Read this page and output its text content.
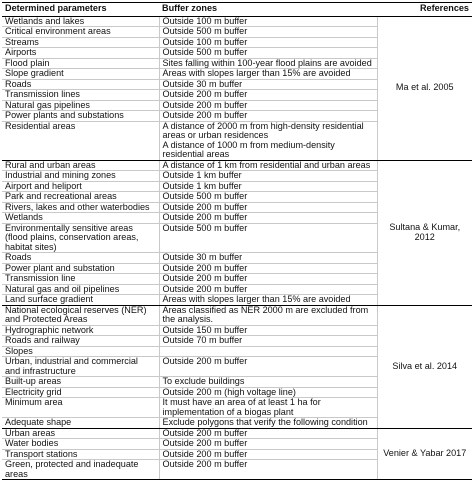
Determined parameters	Buffer zones	References
Wetlands and lakes	Outside 100 m buffer	Ma et al. 2005
Critical environment areas	Outside 500 m buffer	
Streams	Outside 100 m buffer	
Airports	Outside 500 m buffer	
Flood plain	Sites falling within 100-year flood plains are avoided	
Slope gradient	Areas with slopes larger than 15% are avoided	
Roads	Outside 30 m buffer	
Transmission lines	Outside 200 m buffer	
Natural gas pipelines	Outside 200 m buffer	
Power plants and substations	Outside 200 m buffer	
Residential areas	A distance of 2000 m from high-density residential areas or urban residences
A distance of 1000 m from medium-density residential areas	
Rural and urban areas	A distance of 1 km from residential and urban areas	Sultana & Kumar, 2012
Industrial and mining zones	Outside 1 km buffer	
Airport and heliport	Outside 1 km buffer	
Park and recreational areas	Outside 500 m buffer	
Rivers, lakes and other waterbodies	Outside 200 m buffer	
Wetlands	Outside 200 m buffer	
Environmentally sensitive areas (flood plains, conservation areas, habitat sites)	Outside 500 m buffer	
Roads	Outside 30 m buffer	
Power plant and substation	Outside 200 m buffer	
Transmission line	Outside 200 m buffer	
Natural gas and oil pipelines	Outside 200 m buffer	
Land surface gradient	Areas with slopes larger than 15% are avoided	
National ecological reserves (NER) and Protected Areas	Areas classified as NER 2000 m are excluded from the analysis.	Silva et al. 2014
Hydrographic network	Outside 150 m buffer	
Roads and railway	Outside 70 m buffer	
Slopes		
Urban, industrial and commercial and infrastructure	Outside 200 m buffer	
Built-up areas	To exclude buildings	
Electricity grid	Outside 200 m (high voltage line)	
Minimum area	It must have an area of at least 1 ha for implementation of a biogas plant	
Adequate shape	Exclude polygons that verify the following condition	
Urban areas	Outside 200 m buffer	Venier & Yabar 2017
Water bodies	Outside 200 m buffer	
Transport stations	Outside 200 m buffer	
Green, protected and inadequate areas	Outside 200 m buffer	
